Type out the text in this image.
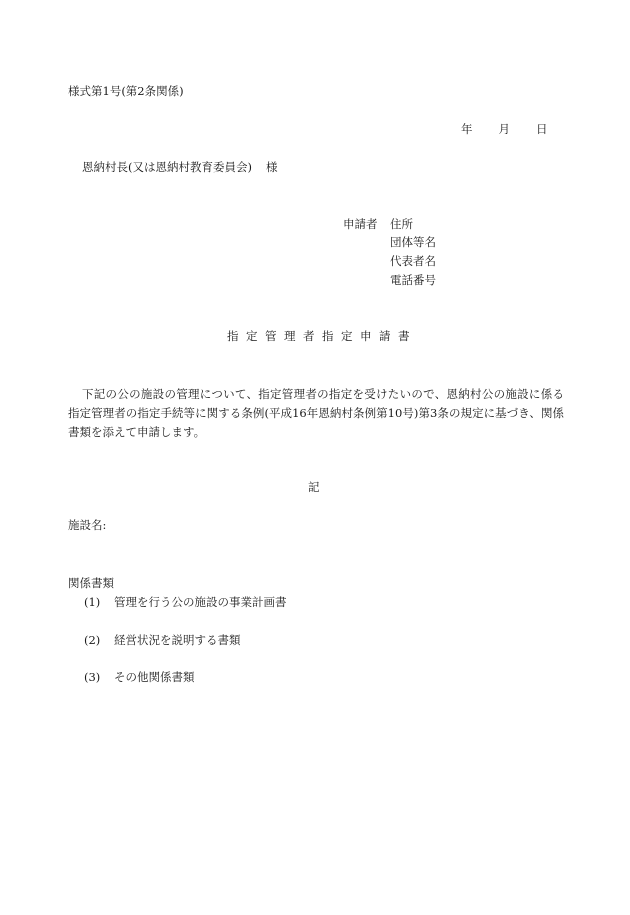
様式第1号(第2条関係)
年 月 日
恩納村長(又は恩納村教育委員会) 様
申請者 住所
団体等名
代表者名
電話番号
指定管理者指定申請書
下記の公の施設の管理について、指定管理者の指定を受けたいので、恩納村公の施設に係る指定管理者の指定手続等に関する条例(平成16年恩納村条例第10号)第3条の規定に基づき、関係書類を添えて申請します。
記
施設名:
関係書類
(1) 管理を行う公の施設の事業計画書
(2) 経営状況を説明する書類
(3) その他関係書類
